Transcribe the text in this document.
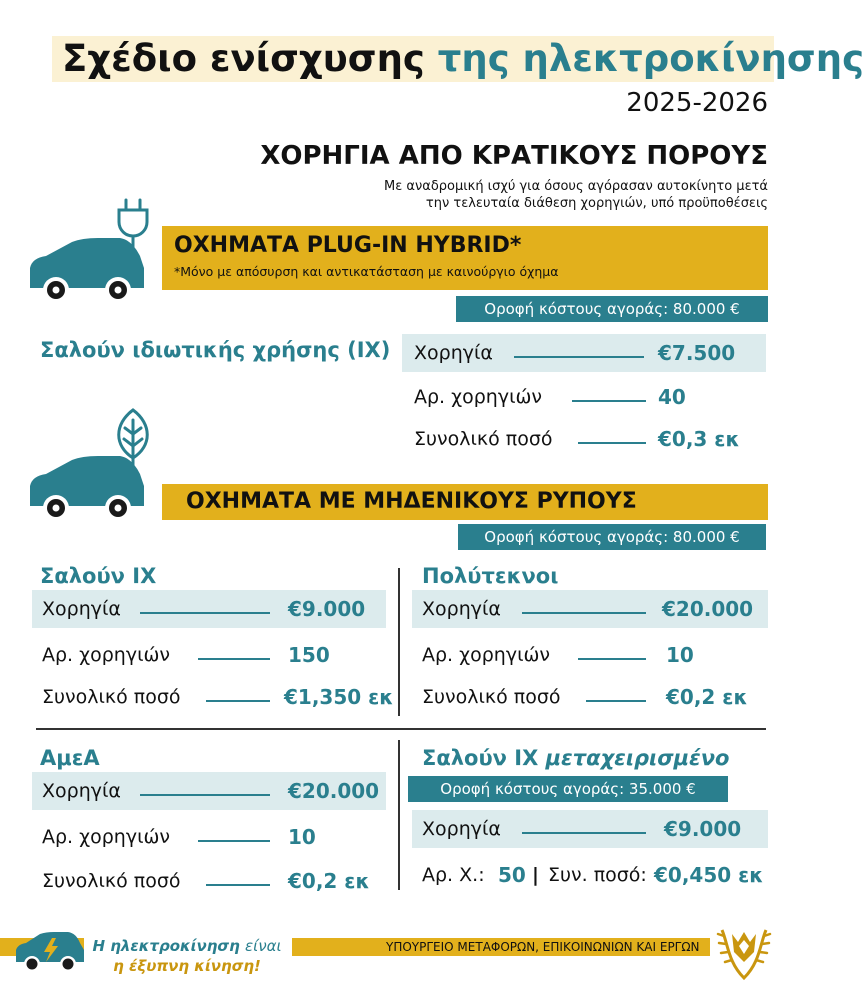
Σχέδιο ενίσχυσης της ηλεκτροκίνησης
2025-2026
ΧΟΡΗΓΙΑ ΑΠΟ ΚΡΑΤΙΚΟΥΣ ΠΟΡΟΥΣ
Με αναδρομική ισχύ για όσους αγόρασαν αυτοκίνητο μετά
την τελευταία διάθεση χορηγιών, υπό προϋποθέσεις
ΟΧΗΜΑΤΑ PLUG-IN HYBRID*
*Μόνο με απόσυρση και αντικατάσταση με καινούργιο όχημα
Οροφή κόστους αγοράς: 80.000 €
Σαλούν ιδιωτικής χρήσης (ΙΧ) Χορηγία	€7.500
Αρ. χορηγιών	40
Συνολικό ποσό	€0,3 εκ
ΟΧΗΜΑΤΑ ΜΕ ΜΗΔΕΝΙΚΟΥΣ ΡΥΠΟΥΣ
Οροφή κόστους αγοράς: 80.000 €
Σαλούν ΙΧ
Χορηγία	€9.000
Αρ. χορηγιών	150
Συνολικό ποσό	€1,350 εκ
Πολύτεκνοι
Χορηγία	€20.000
Αρ. χορηγιών	10
Συνολικό ποσό	€0,2 εκ
ΑμεΑ
Χορηγία	€20.000
Αρ. χορηγιών	10
Συνολικό ποσό	€0,2 εκ
Σαλούν ΙΧ μεταχειρισμένο
Οροφή κόστους αγοράς: 35.000 €
Χορηγία	€9.000
Αρ. Χ.: 50 | Συν. ποσό: €0,450 εκ
Η ηλεκτροκίνηση είναι
η έξυπνη κίνηση!
ΥΠΟΥΡΓΕΙΟ ΜΕΤΑΦΟΡΩΝ, ΕΠΙΚΟΙΝΩΝΙΩΝ ΚΑΙ ΕΡΓΩΝ
